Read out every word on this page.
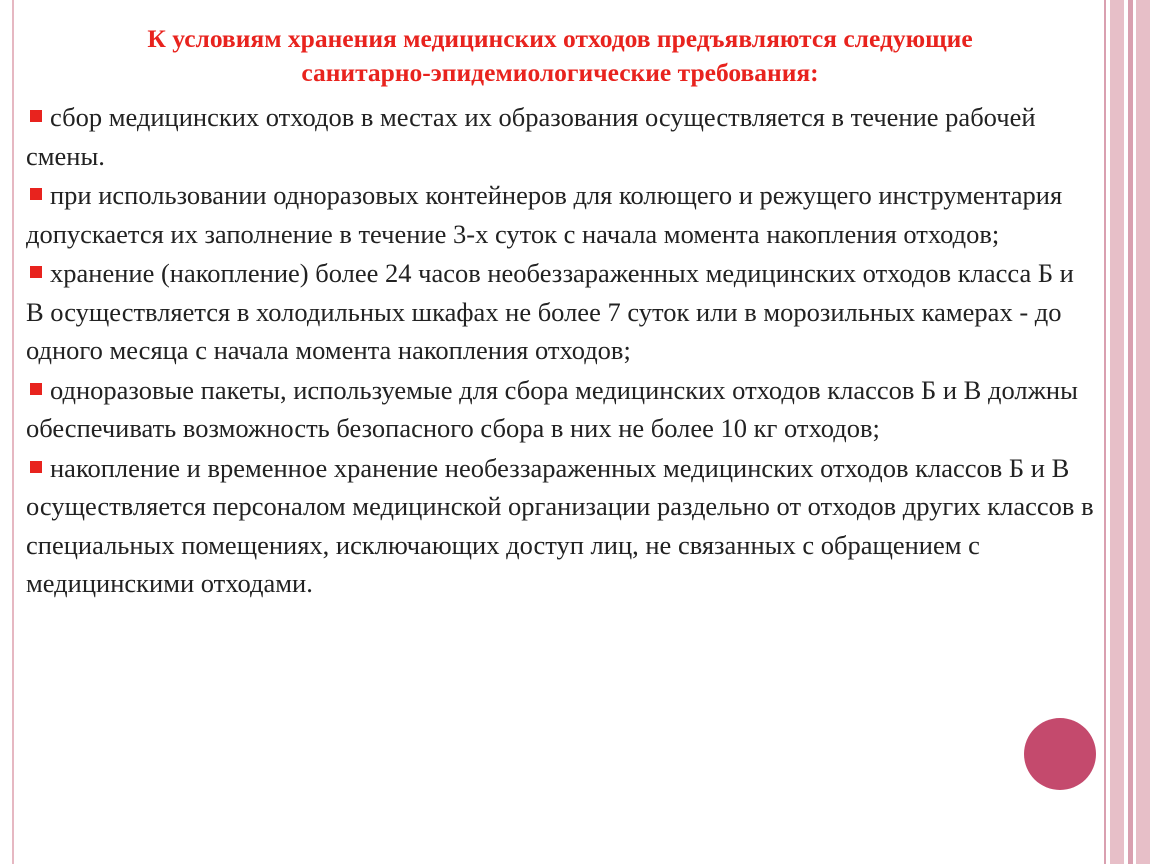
К условиям хранения медицинских отходов предъявляются следующие
санитарно-эпидемиологические требования:
сбор медицинских отходов в местах их образования осуществляется в течение рабочей смены.
при использовании одноразовых контейнеров для колющего и режущего инструментария допускается их заполнение в течение 3-х суток с начала момента накопления отходов;
хранение (накопление) более 24 часов необеззараженных медицинских отходов класса Б и В осуществляется в холодильных шкафах не более 7 суток или в морозильных камерах - до одного месяца с начала момента накопления отходов;
одноразовые пакеты, используемые для сбора медицинских отходов классов Б и В должны обеспечивать возможность безопасного сбора в них не более 10 кг отходов;
накопление и временное хранение необеззараженных медицинских отходов классов Б и В осуществляется персоналом медицинской организации раздельно от отходов других классов в специальных помещениях, исключающих доступ лиц, не связанных с обращением с медицинскими отходами.
